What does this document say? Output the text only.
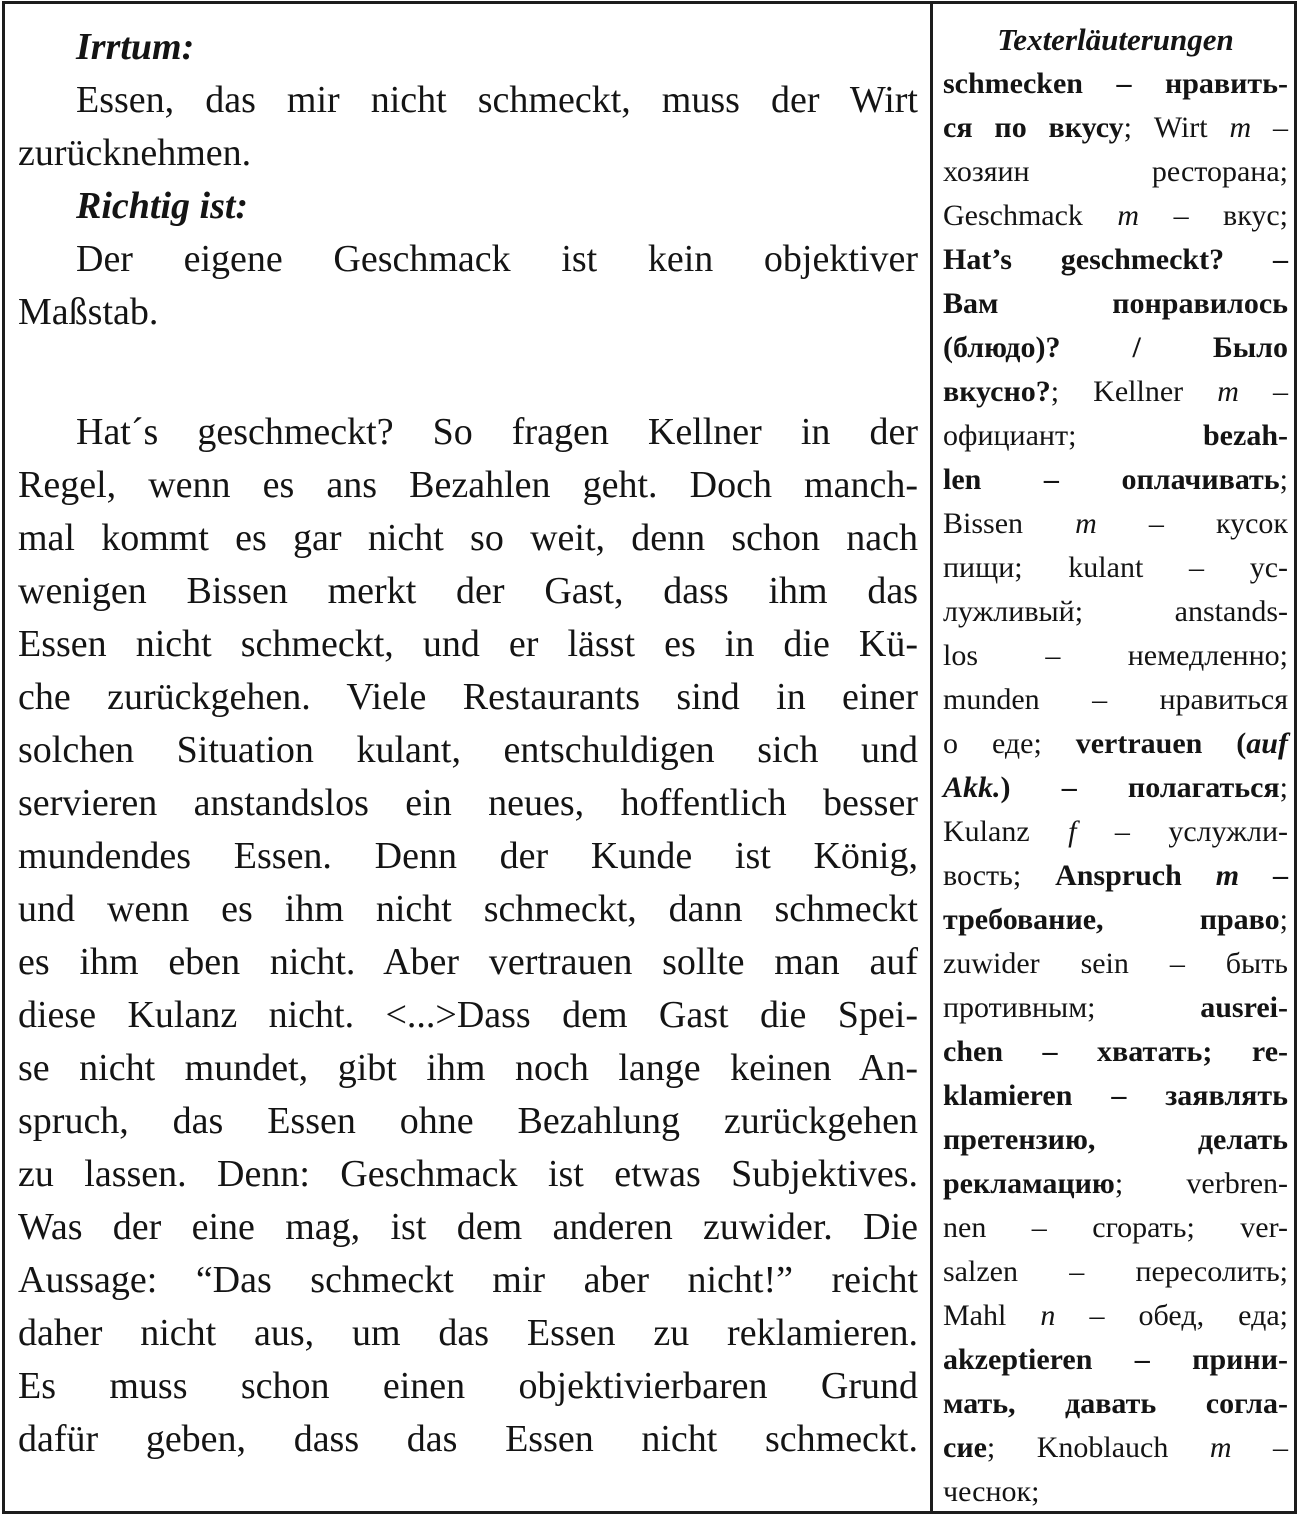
Irrtum:
Essen, das mir nicht schmeckt, muss der Wirt
zurücknehmen.
Richtig ist:
Der eigene Geschmack ist kein objektiver
Maßstab.
Hat´s geschmeckt? So fragen Kellner in der
Regel, wenn es ans Bezahlen geht. Doch manch-
mal kommt es gar nicht so weit, denn schon nach
wenigen Bissen merkt der Gast, dass ihm das
Essen nicht schmeckt, und er lässt es in die Kü-
che zurückgehen. Viele Restaurants sind in einer
solchen Situation kulant, entschuldigen sich und
servieren anstandslos ein neues, hoffentlich besser
mundendes Essen. Denn der Kunde ist König,
und wenn es ihm nicht schmeckt, dann schmeckt
es ihm eben nicht. Aber vertrauen sollte man auf
diese Kulanz nicht. <...>Dass dem Gast die Spei-
se nicht mundet, gibt ihm noch lange keinen An-
spruch, das Essen ohne Bezahlung zurückgehen
zu lassen. Denn: Geschmack ist etwas Subjektives.
Was der eine mag, ist dem anderen zuwider. Die
Aussage: “Das schmeckt mir aber nicht!” reicht
daher nicht aus, um das Essen zu reklamieren.
Es muss schon einen objektivierbaren Grund
dafür geben, dass das Essen nicht schmeckt.
Texterläuterungen
schmecken – нравить-
ся по вкусу; Wirt m –
хозяин ресторана;
Geschmack m – вкус;
Hat’s geschmeckt? –
Вам понравилось
(блюдо)? / Было
вкусно?; Kellner m –
официант; bezah-
len – оплачивать;
Bissen m – кусок
пищи; kulant – ус-
лужливый; anstands-
los – немедленно;
munden – нравиться
о еде; vertrauen (auf
Akk.) – полагаться;
Kulanz f – услужли-
вость; Anspruch m –
требование, право;
zuwider sein – быть
противным; ausrei-
chen – хватать; re-
klamieren – заявлять
претензию, делать
рекламацию; verbren-
nen – сгорать; ver-
salzen – пересолить;
Mahl n – обед, еда;
akzeptieren – прини-
мать, давать согла-
сие; Knoblauch m –
чеснок;
